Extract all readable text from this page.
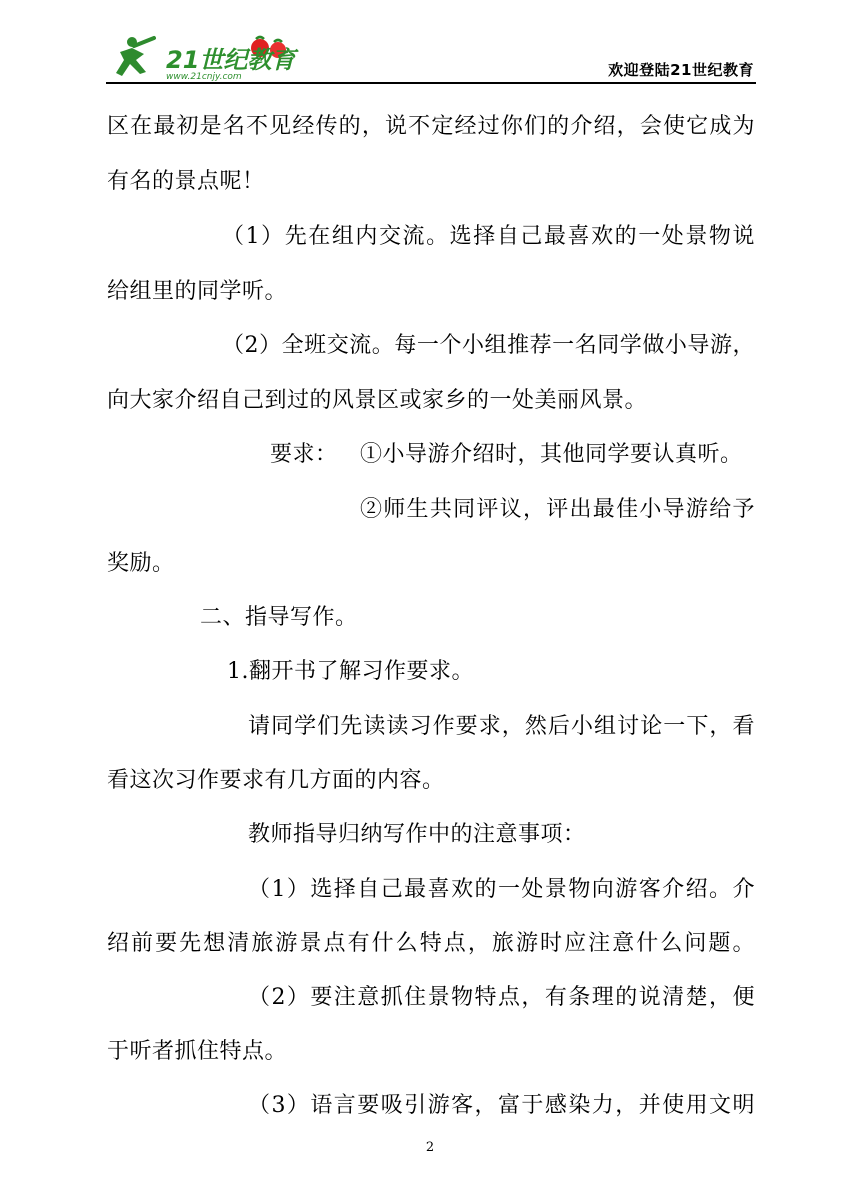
21世纪教育
www.21cnjy.com	欢迎登陆21世纪教育
区在最初是名不见经传的，说不定经过你们的介绍，会使它成为
有名的景点呢！
（1）先在组内交流。选择自己最喜欢的一处景物说
给组里的同学听。
（2）全班交流。每一个小组推荐一名同学做小导游，
向大家介绍自己到过的风景区或家乡的一处美丽风景。
要求： ①小导游介绍时，其他同学要认真听。
②师生共同评议，评出最佳小导游给予
奖励。
二、指导写作。
1.翻开书了解习作要求。
请同学们先读读习作要求，然后小组讨论一下，看
看这次习作要求有几方面的内容。
教师指导归纳写作中的注意事项：
（1）选择自己最喜欢的一处景物向游客介绍。介
绍前要先想清旅游景点有什么特点，旅游时应注意什么问题。
（2）要注意抓住景物特点，有条理的说清楚，便
于听者抓住特点。
（3）语言要吸引游客，富于感染力，并使用文明
2
